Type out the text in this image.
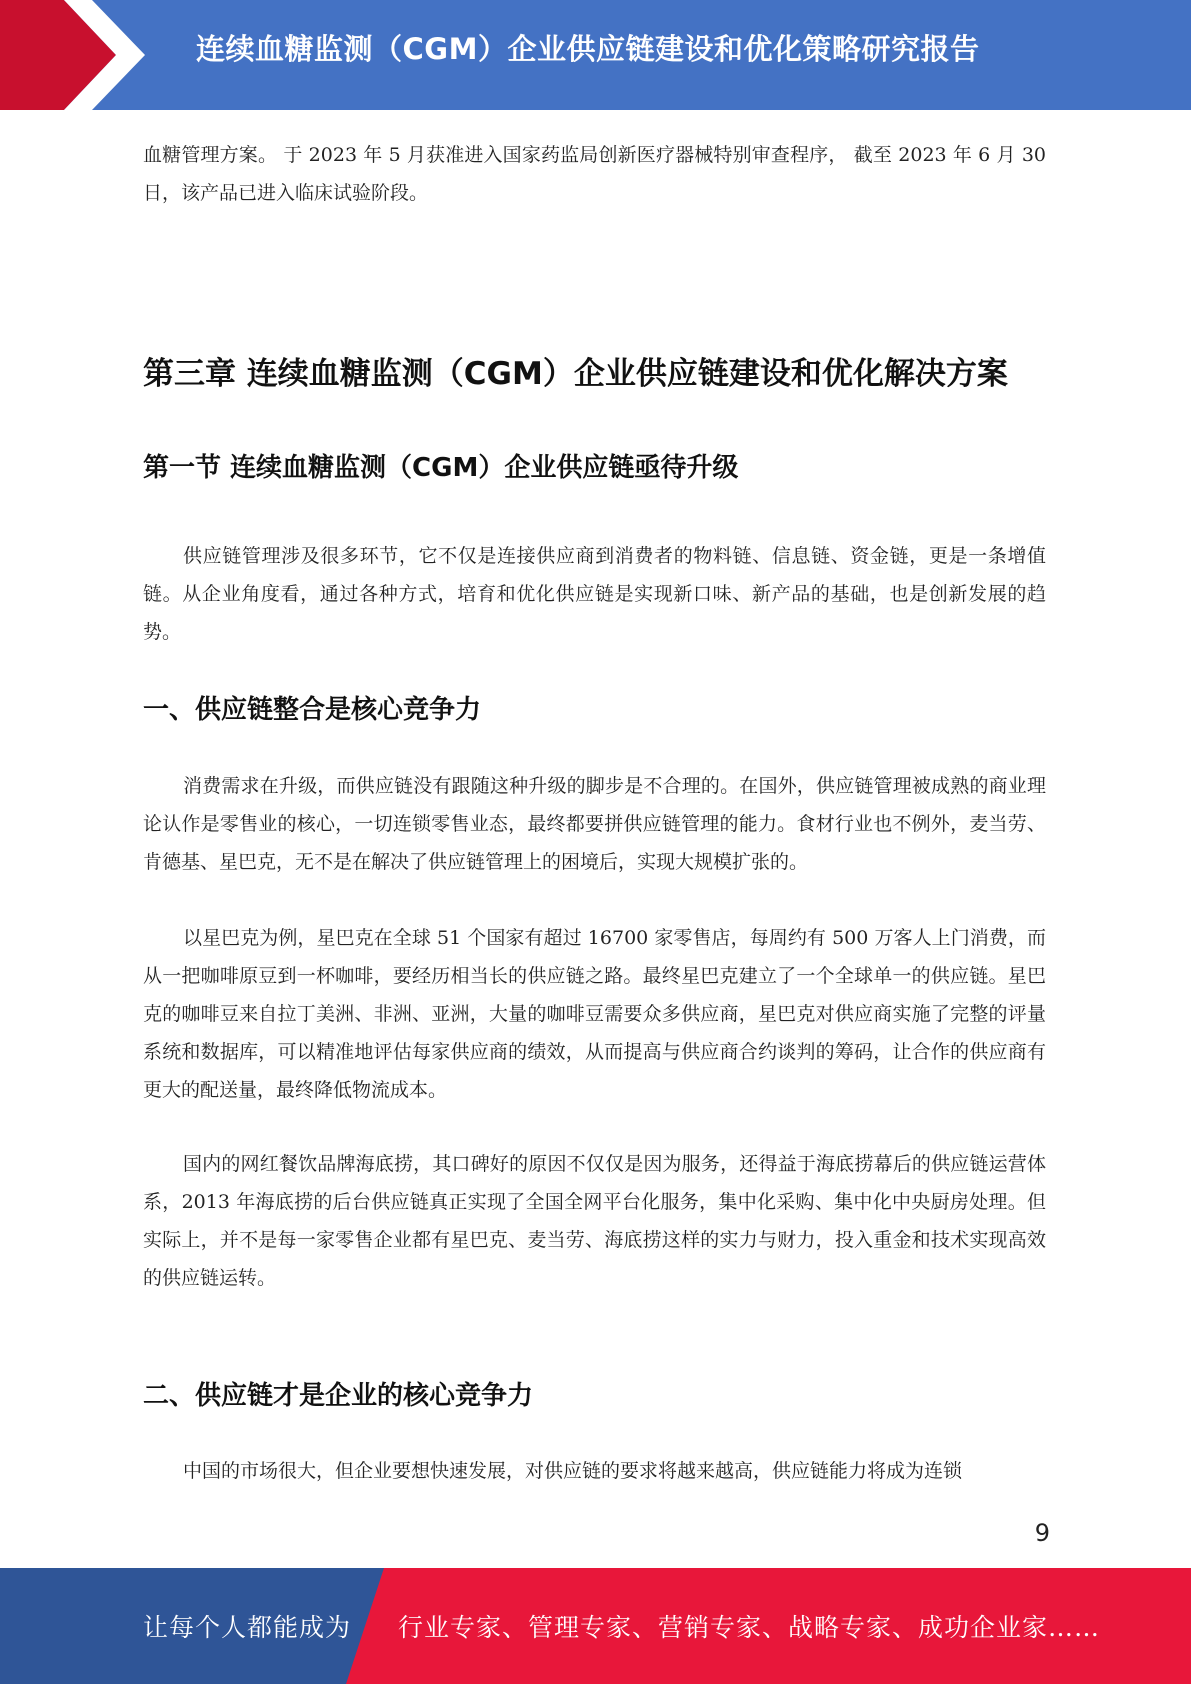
连续血糖监测（CGM）企业供应链建设和优化策略研究报告

血糖管理方案。 于 2023 年 5 月获准进入国家药监局创新医疗器械特别审查程序， 截至 2023 年 6 月 30 日，该产品已进入临床试验阶段。

第三章 连续血糖监测（CGM）企业供应链建设和优化解决方案
第一节 连续血糖监测（CGM）企业供应链亟待升级

供应链管理涉及很多环节，它不仅是连接供应商到消费者的物料链、信息链、资金链，更是一条增值链。从企业角度看，通过各种方式，培育和优化供应链是实现新口味、新产品的基础，也是创新发展的趋势。

一、供应链整合是核心竞争力

消费需求在升级，而供应链没有跟随这种升级的脚步是不合理的。在国外，供应链管理被成熟的商业理论认作是零售业的核心，一切连锁零售业态，最终都要拼供应链管理的能力。食材行业也不例外，麦当劳、肯德基、星巴克，无不是在解决了供应链管理上的困境后，实现大规模扩张的。

以星巴克为例，星巴克在全球 51 个国家有超过 16700 家零售店，每周约有 500 万客人上门消费，而从一把咖啡原豆到一杯咖啡，要经历相当长的供应链之路。最终星巴克建立了一个全球单一的供应链。星巴克的咖啡豆来自拉丁美洲、非洲、亚洲，大量的咖啡豆需要众多供应商，星巴克对供应商实施了完整的评量系统和数据库，可以精准地评估每家供应商的绩效，从而提高与供应商合约谈判的筹码，让合作的供应商有更大的配送量，最终降低物流成本。

国内的网红餐饮品牌海底捞，其口碑好的原因不仅仅是因为服务，还得益于海底捞幕后的供应链运营体系，2013 年海底捞的后台供应链真正实现了全国全网平台化服务，集中化采购、集中化中央厨房处理。但实际上，并不是每一家零售企业都有星巴克、麦当劳、海底捞这样的实力与财力，投入重金和技术实现高效的供应链运转。

二、供应链才是企业的核心竞争力

中国的市场很大，但企业要想快速发展，对供应链的要求将越来越高，供应链能力将成为连锁

9
让每个人都能成为 行业专家、管理专家、营销专家、战略专家、成功企业家……
